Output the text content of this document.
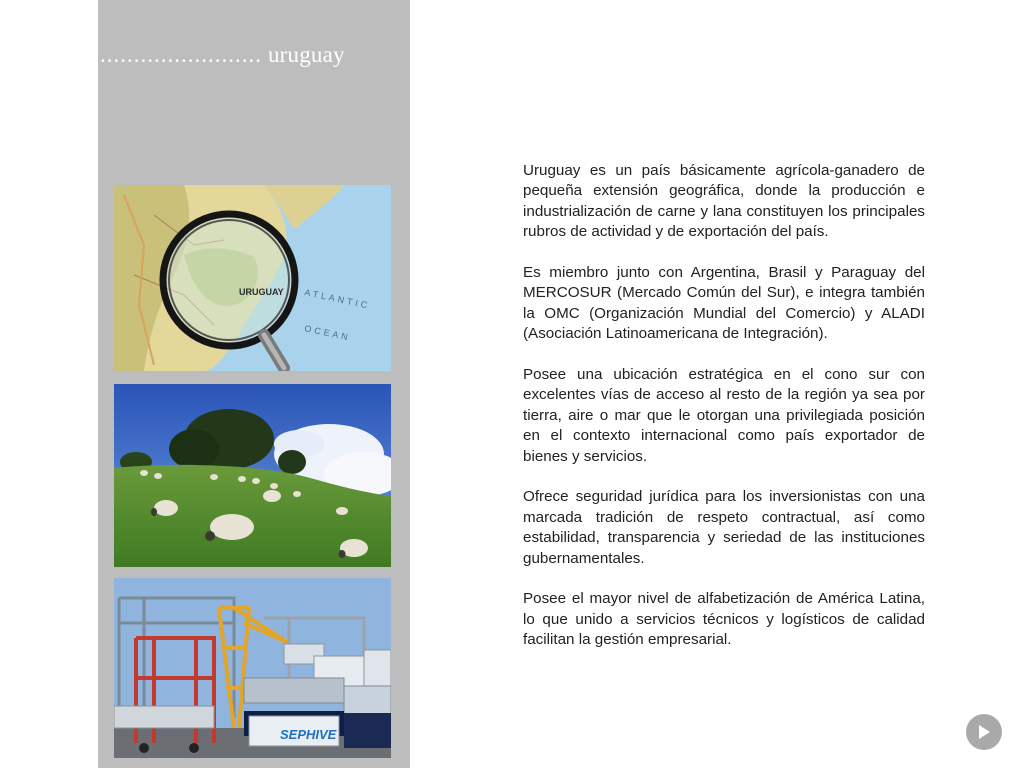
........................ uruguay
URUGUAY ATLANTIC
OCEAN
SEPHIVE

Uruguay es un país básicamente agrícola-ganadero de pequeña extensión geográfica, donde la producción e industrialización de carne y lana constituyen los principales rubros de actividad y de exportación del país.

Es miembro junto con Argentina, Brasil y Paraguay del MERCOSUR (Mercado Común del Sur), e integra también la OMC (Organización Mundial del Comercio) y ALADI (Asociación Latinoamericana de Integración).

Posee una ubicación estratégica en el cono sur con excelentes vías de acceso al resto de la región ya sea por tierra, aire o mar que le otorgan una privilegiada posición en el contexto internacional como país exportador de bienes y servicios.

Ofrece seguridad jurídica para los inversionistas con una marcada tradición de respeto contractual, así como estabilidad, transparencia y seriedad de las instituciones gubernamentales.

Posee el mayor nivel de alfabetización de América Latina, lo que unido a servicios técnicos y logísticos de calidad facilitan la gestión empresarial.
